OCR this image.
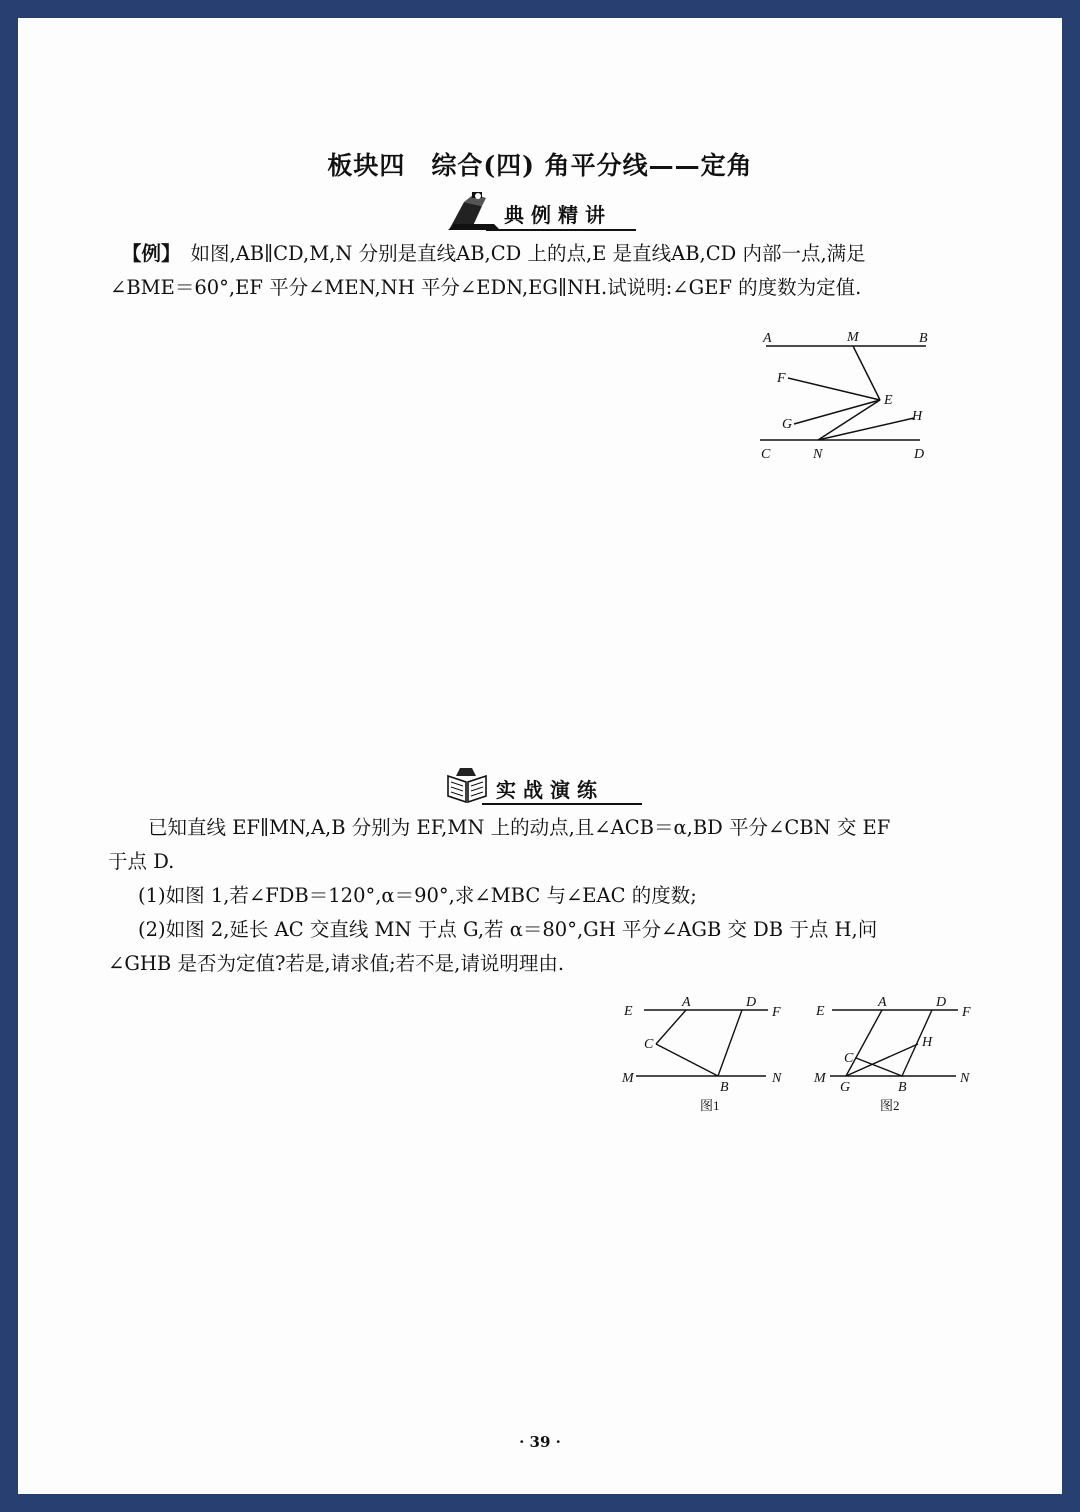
板块四　综合(四) 角平分线——定角
典例精讲
【例】 如图,AB∥CD,M,N 分别是直线AB,CD 上的点,E 是直线AB,CD 内部一点,满足
∠BME＝60°,EF 平分∠MEN,NH 平分∠EDN,EG∥NH.试说明:∠GEF 的度数为定值.
A	M	B
F
E
G
H
C	N	D
实战演练
已知直线 EF∥MN,A,B 分别为 EF,MN 上的动点,且∠ACB＝α,BD 平分∠CBN 交 EF
于点 D.
(1)如图 1,若∠FDB＝120°,α＝90°,求∠MBC 与∠EAC 的度数;
(2)如图 2,延长 AC 交直线 MN 于点 G,若 α＝80°,GH 平分∠AGB 交 DB 于点 H,问
∠GHB 是否为定值?若是,请求值;若不是,请说明理由.
E
A	D
F
C
M
B
N
图1
E
A	D
F
C
H
M
G	B
N
图2
· 39 ·
